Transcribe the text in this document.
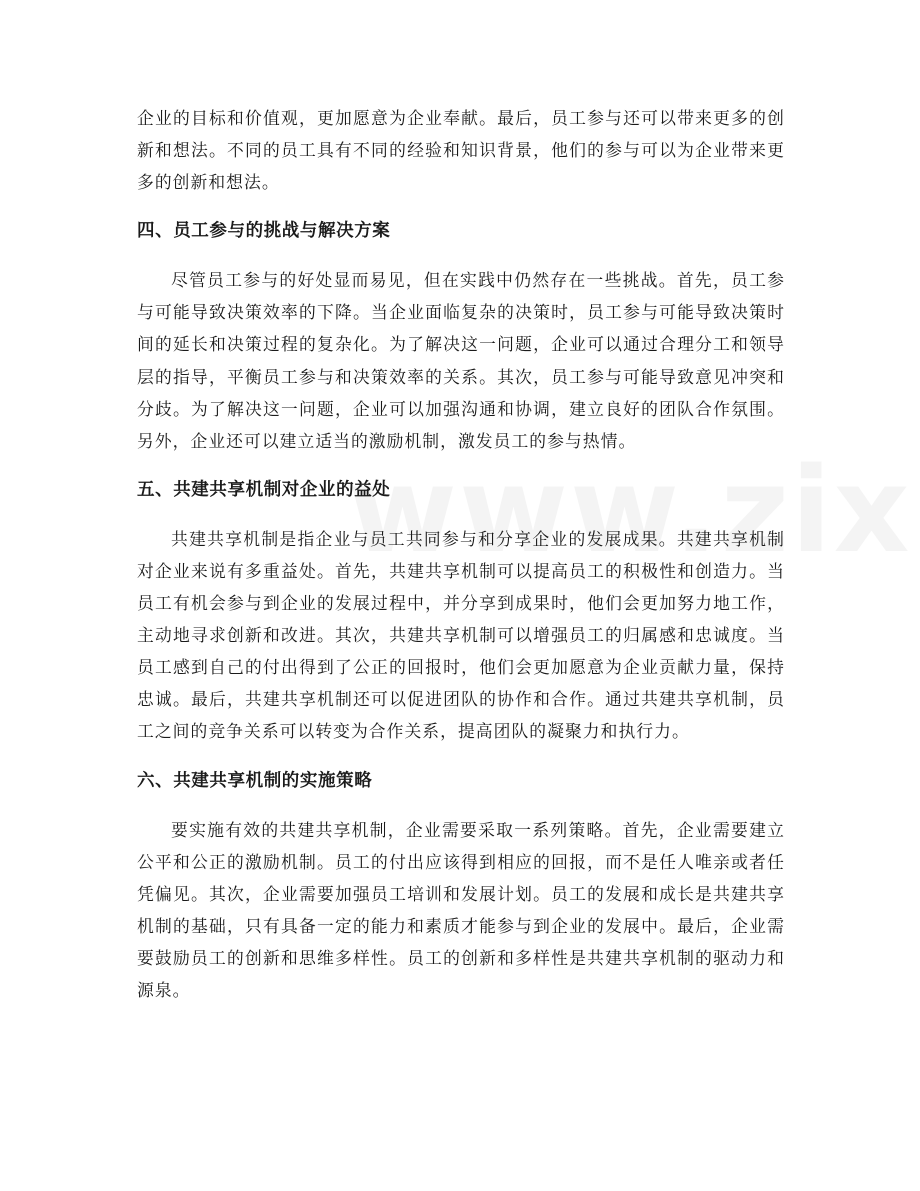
企业的目标和价值观，更加愿意为企业奉献。最后，员工参与还可以带来更多的创新和想法。不同的员工具有不同的经验和知识背景，他们的参与可以为企业带来更多的创新和想法。

四、员工参与的挑战与解决方案

尽管员工参与的好处显而易见，但在实践中仍然存在一些挑战。首先，员工参与可能导致决策效率的下降。当企业面临复杂的决策时，员工参与可能导致决策时间的延长和决策过程的复杂化。为了解决这一问题，企业可以通过合理分工和领导层的指导，平衡员工参与和决策效率的关系。其次，员工参与可能导致意见冲突和分歧。为了解决这一问题，企业可以加强沟通和协调，建立良好的团队合作氛围。另外，企业还可以建立适当的激励机制，激发员工的参与热情。

五、共建共享机制对企业的益处

共建共享机制是指企业与员工共同参与和分享企业的发展成果。共建共享机制对企业来说有多重益处。首先，共建共享机制可以提高员工的积极性和创造力。当员工有机会参与到企业的发展过程中，并分享到成果时，他们会更加努力地工作，主动地寻求创新和改进。其次，共建共享机制可以增强员工的归属感和忠诚度。当员工感到自己的付出得到了公正的回报时，他们会更加愿意为企业贡献力量，保持忠诚。最后，共建共享机制还可以促进团队的协作和合作。通过共建共享机制，员工之间的竞争关系可以转变为合作关系，提高团队的凝聚力和执行力。

六、共建共享机制的实施策略

要实施有效的共建共享机制，企业需要采取一系列策略。首先，企业需要建立公平和公正的激励机制。员工的付出应该得到相应的回报，而不是任人唯亲或者任凭偏见。其次，企业需要加强员工培训和发展计划。员工的发展和成长是共建共享机制的基础，只有具备一定的能力和素质才能参与到企业的发展中。最后，企业需要鼓励员工的创新和思维多样性。员工的创新和多样性是共建共享机制的驱动力和源泉。
